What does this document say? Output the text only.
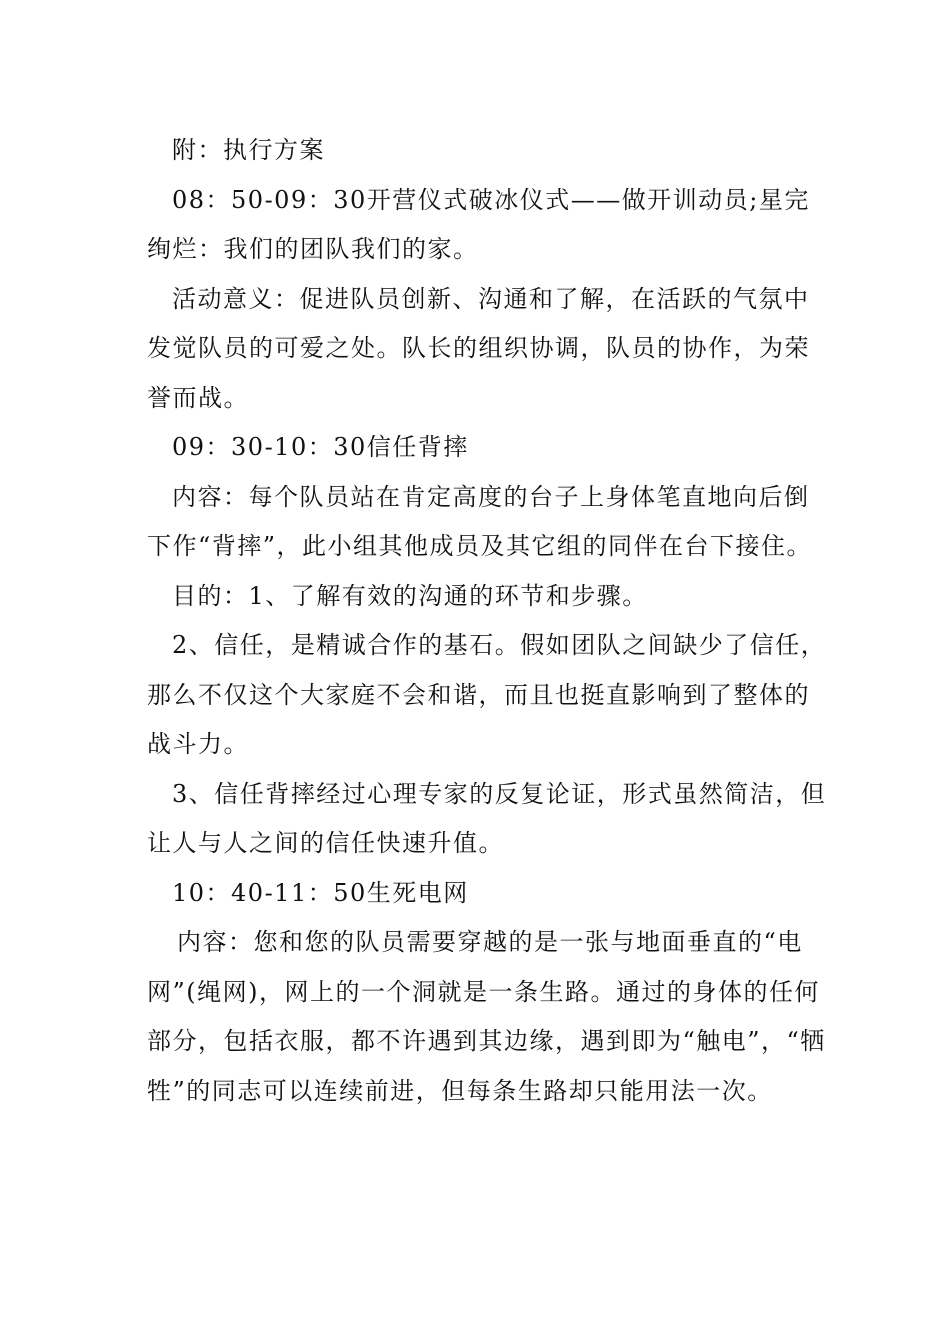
附：执行方案

08：50-09：30开营仪式破冰仪式——做开训动员;星完绚烂：我们的团队我们的家。

活动意义：促进队员创新、沟通和了解，在活跃的气氛中发觉队员的可爱之处。队长的组织协调，队员的协作，为荣誉而战。

09：30-10：30信任背摔

内容：每个队员站在肯定高度的台子上身体笔直地向后倒下作“背摔”，此小组其他成员及其它组的同伴在台下接住。

目的：1、了解有效的沟通的环节和步骤。

2、信任，是精诚合作的基石。假如团队之间缺少了信任，那么不仅这个大家庭不会和谐，而且也挺直影响到了整体的战斗力。

3、信任背摔经过心理专家的反复论证，形式虽然简洁，但让人与人之间的信任快速升值。

10：40-11：50生死电网

内容：您和您的队员需要穿越的是一张与地面垂直的“电网”(绳网)，网上的一个洞就是一条生路。通过的身体的任何部分，包括衣服，都不许遇到其边缘，遇到即为“触电”，“牺牲”的同志可以连续前进，但每条生路却只能用法一次。
